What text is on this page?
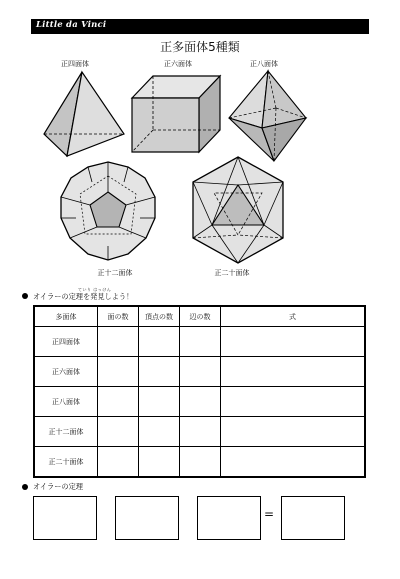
Little da Vinci
正多面体5種類
正四面体	正六面体	正八面体
正十二面体	正二十面体
ていり はっけん
オイラーの定理を発見しよう！
多面体	面の数	頂点の数	辺の数	式
正四面体				
正六面体				
正八面体				
正十二面体				
正二十面体				
オイラーの定理
=
